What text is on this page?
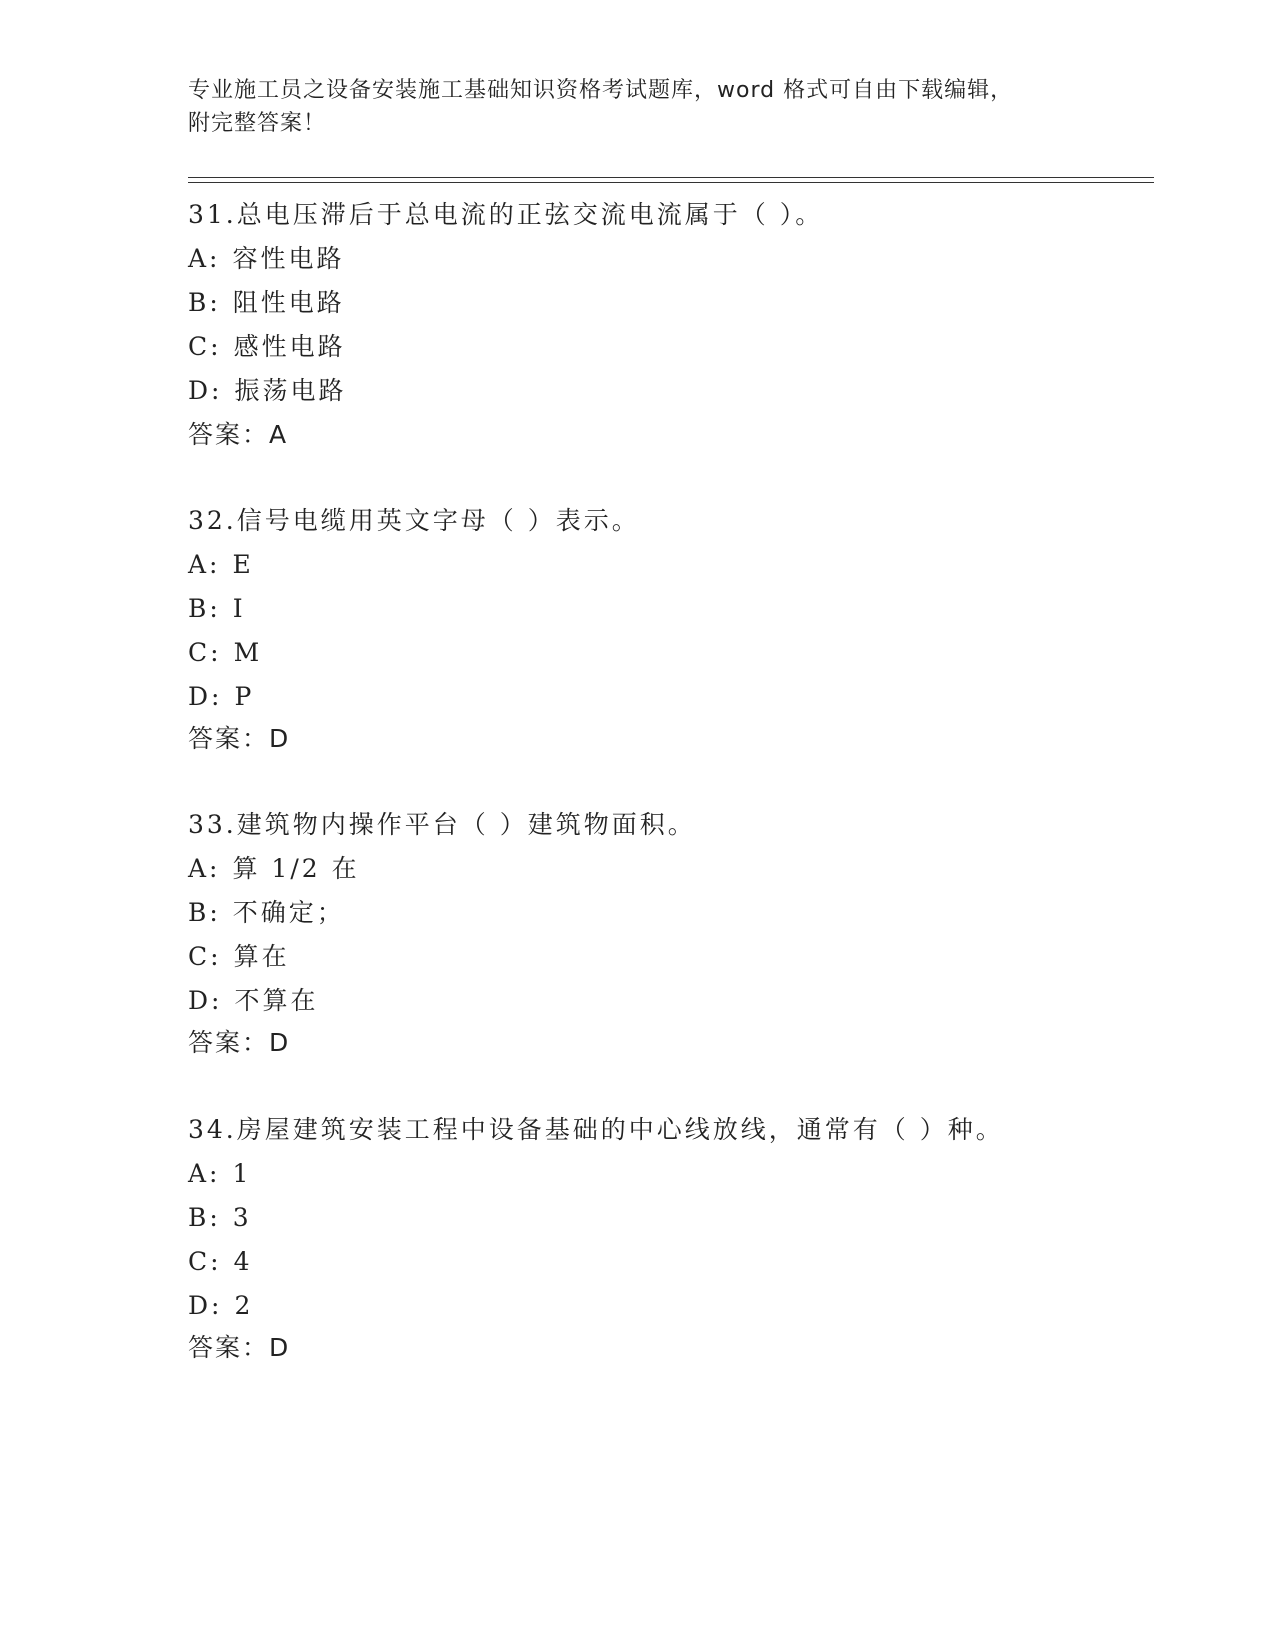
专业施工员之设备安装施工基础知识资格考试题库，word 格式可自由下载编辑，
附完整答案！
31.总电压滞后于总电流的正弦交流电流属于（ ）。
A: 容性电路
B: 阻性电路
C: 感性电路
D: 振荡电路
答案：A
32.信号电缆用英文字母（ ）表示。
A: E
B: I
C: M
D: P
答案：D
33.建筑物内操作平台（ ）建筑物面积。
A: 算 1/2 在
B: 不确定；
C: 算在
D: 不算在
答案：D
34.房屋建筑安装工程中设备基础的中心线放线，通常有（ ）种。
A: 1
B: 3
C: 4
D: 2
答案：D
